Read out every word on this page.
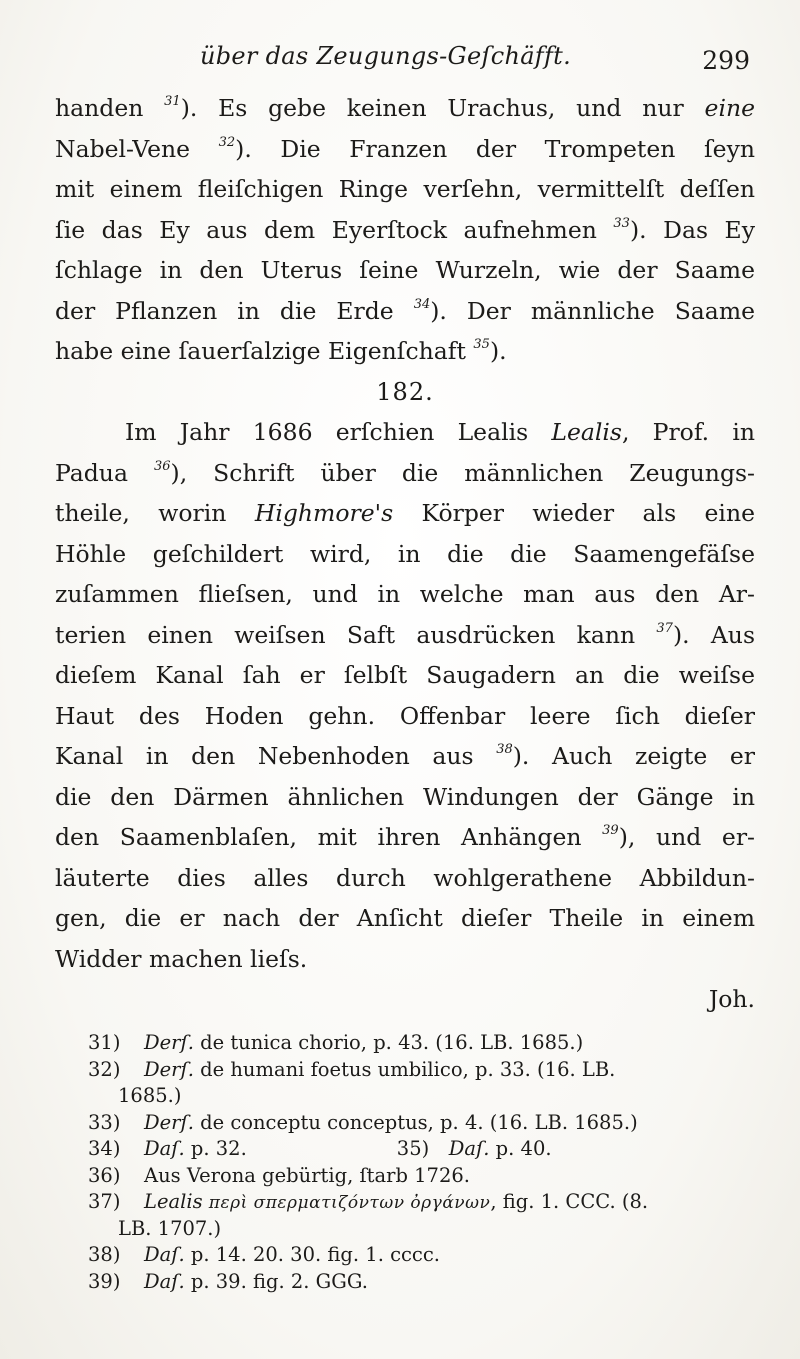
über das Zeugungs-Geſchäfft.	299
handen $^{31}$). Es gebe keinen Urachus, und nur eine
Nabel-Vene $^{32}$). Die Franzen der Trompeten ſeyn
mit einem fleiſchigen Ringe verſehn, vermittelſt deſſen
ſie das Ey aus dem Eyerſtock aufnehmen $^{33}$). Das Ey
ſchlage in den Uterus ſeine Wurzeln, wie der Saame
der Pflanzen in die Erde $^{34}$). Der männliche Saame
habe eine ſauerſalzige Eigenſchaft $^{35}$).
182.
Im Jahr 1686 erſchien Lealis Lealis, Prof. in
Padua $^{36}$), Schrift über die männlichen Zeugungs-
theile, worin Highmore's Körper wieder als eine
Höhle geſchildert wird, in die die Saamengefäſse
zuſammen flieſsen, und in welche man aus den Ar-
terien einen weiſsen Saft ausdrücken kann $^{37}$). Aus
dieſem Kanal ſah er ſelbſt Saugadern an die weiſse
Haut des Hoden gehn. Offenbar leere ſich dieſer
Kanal in den Nebenhoden aus $^{38}$). Auch zeigte er
die den Därmen ähnlichen Windungen der Gänge in
den Saamenblaſen, mit ihren Anhängen $^{39}$), und er-
läuterte dies alles durch wohlgerathene Abbildun-
gen, die er nach der Anſicht dieſer Theile in einem
Widder machen lieſs.
Joh.
31) Derſ. de tunica chorio, p. 43. (16. LB. 1685.)
32) Derſ. de humani foetus umbilico, p. 33. (16. LB.
1685.)
33) Derſ. de conceptu conceptus, p. 4. (16. LB. 1685.)
34) Daſ. p. 32.	35) Daſ. p. 40.
36) Aus Verona gebürtig, ſtarb 1726.
37) Lealis περὶ σπερματιζόντων ὀργάνων, fig. 1. CCC. (8.
LB. 1707.)
38) Daſ. p. 14. 20. 30. fig. 1. cccc.
39) Daſ. p. 39. fig. 2. GGG.
